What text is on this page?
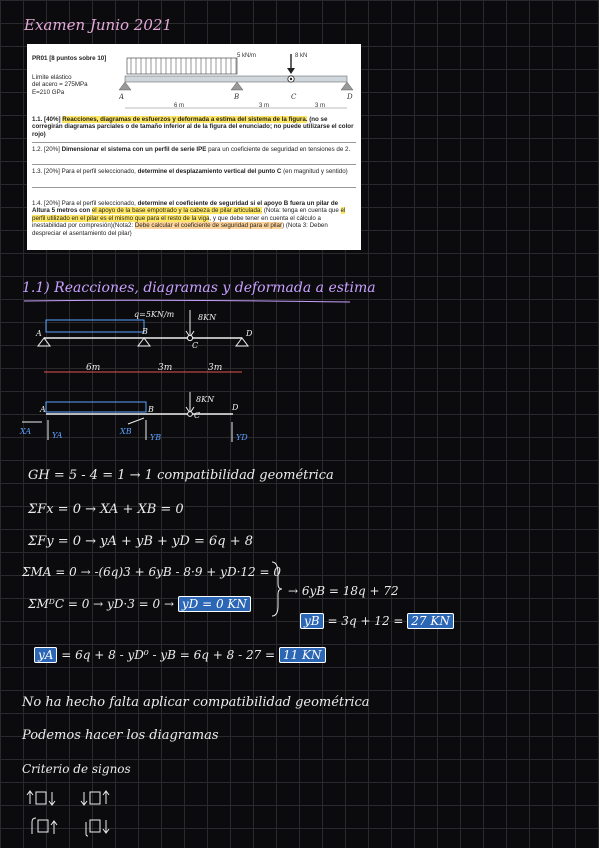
Examen Junio 2021
PR01 [8 puntos sobre 10]
Límite elástico
del acero = 275MPa
E=210 GPa
5 kN/m	8 kN
A	B	C	D
6 m	3 m	3 m
1.1. [40%] Reacciones, diagramas de esfuerzos y deformada a estima del sistema de la figura. (no se corregirán diagramas parciales o de tamaño inferior al de la figura del enunciado; no puede utilizarse el color rojo)
1.2. [20%] Dimensionar el sistema con un perfil de serie IPE para un coeficiente de seguridad en tensiones de 2.
1.3. [20%] Para el perfil seleccionado, determine el desplazamiento vertical del punto C (en magnitud y sentido)
1.4. [20%] Para el perfil seleccionado, determine el coeficiente de seguridad si el apoyo B fuera un pilar de Altura 5 metros con el apoyo de la base empotrado y la cabeza de pilar articulada. (Nota: tenga en cuenta que el perfil utilizado en el pilar es el mismo que para el resto de la viga, y que debe tener en cuenta el cálculo a inestabilidad por compresión)(Nota2: Debe calcular el coeficiente de seguridad para el pilar) (Nota 3: Deben despreciar el asentamiento del pilar)
1.1) Reacciones, diagramas y deformada a estima
q=5KN/m	8KN
A	B
C
D
6m	3m	3m
8KN
A	B
C
D
XA	YA	XB
YB	YD
GH = 5 - 4 = 1 → 1 compatibilidad geométrica
ΣFx = 0 → XA + XB = 0
ΣFy = 0 → yA + yB + yD = 6q + 8
ΣMA = 0 → -(6q)3 + 6yB - 8·9 + yD·12 = 0
ΣMᴰC = 0 → yD·3 = 0 → yD = 0 KN
→ 6yB = 18q + 72
yB = 3q + 12 = 27 KN
yA = 6q + 8 - yD⁰ - yB = 6q + 8 - 27 = 11 KN
No ha hecho falta aplicar compatibilidad geométrica
Podemos hacer los diagramas
Criterio de signos
